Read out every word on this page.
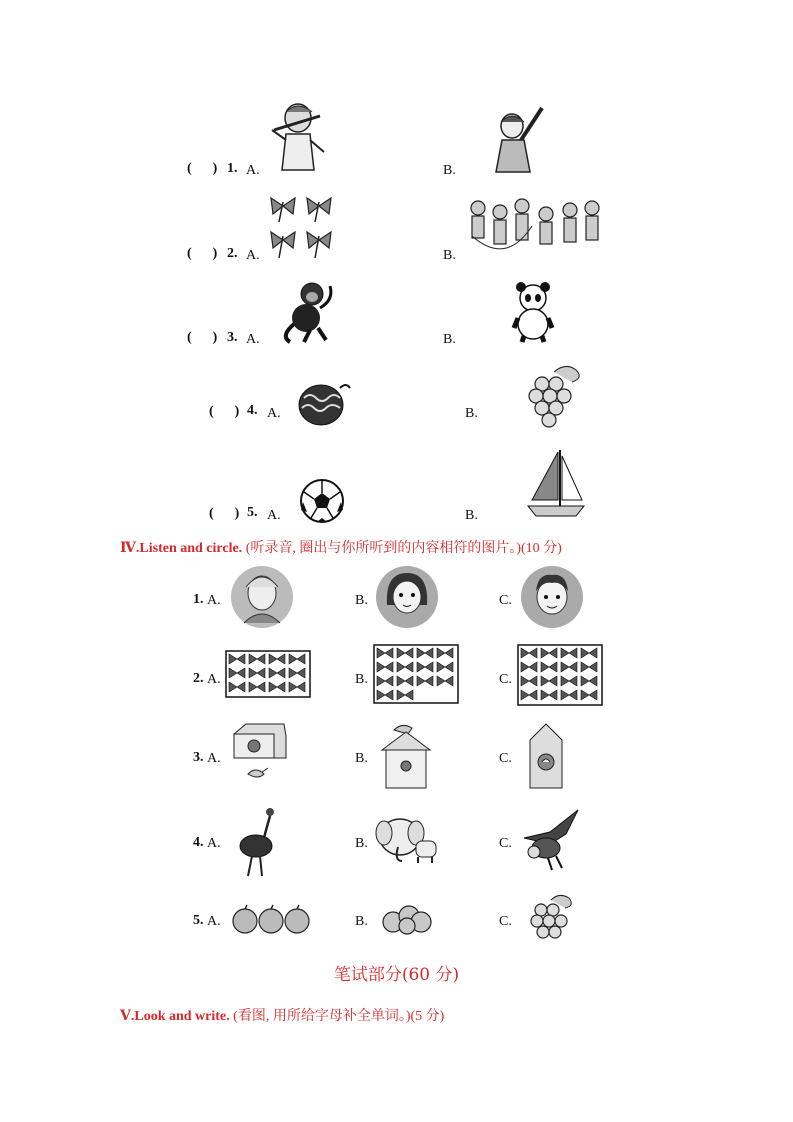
(      ) 1. A.	B.
(      ) 2. A.	B.
(      ) 3. A.	B.
(      ) 4. A.	B.
(      ) 5. A.	B.
Ⅳ.Listen and circle. (听录音, 圈出与你所听到的内容相符的图片。)(10 分)
1. A.	B.	C.
2. A.	B.	C.
3. A.	B.	C.
4. A.	B.	C.
5. A.	B.	C.
笔试部分(60 分)
Ⅴ.Look and write. (看图, 用所给字母补全单词。)(5 分)
